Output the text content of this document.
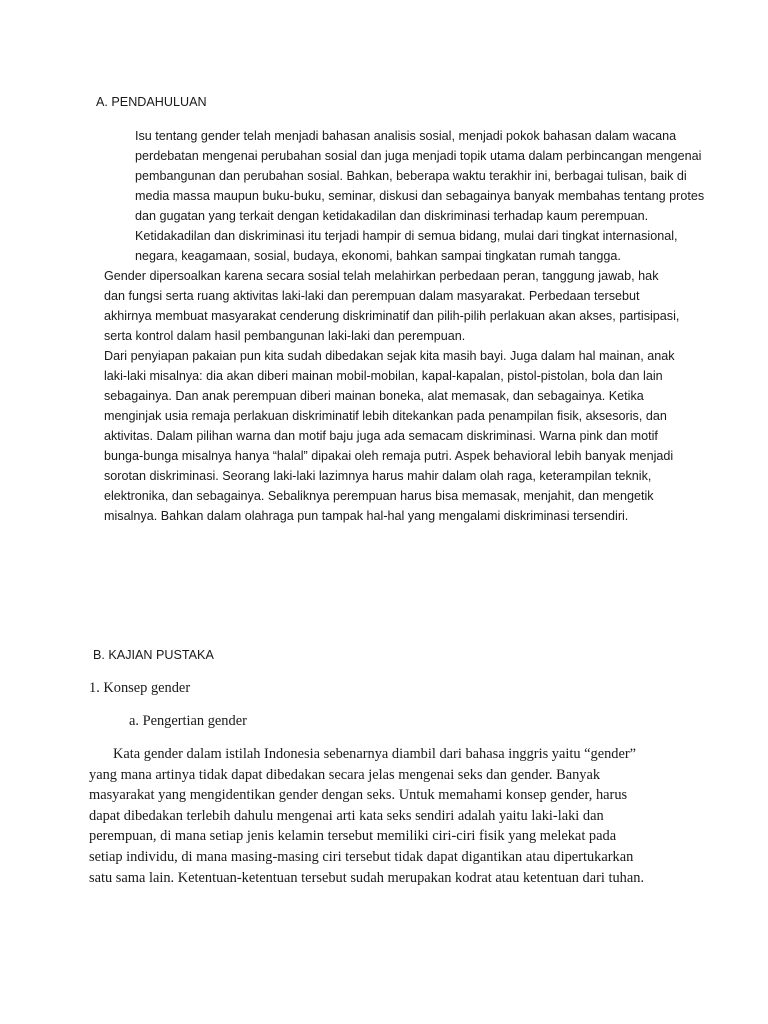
A. PENDAHULUAN

Isu tentang gender telah menjadi bahasan analisis sosial, menjadi pokok bahasan dalam wacana
perdebatan mengenai perubahan sosial dan juga menjadi topik utama dalam perbincangan mengenai
pembangunan dan perubahan sosial. Bahkan, beberapa waktu terakhir ini, berbagai tulisan, baik di
media massa maupun buku-buku, seminar, diskusi dan sebagainya banyak membahas tentang protes
dan gugatan yang terkait dengan ketidakadilan dan diskriminasi terhadap kaum perempuan.
Ketidakadilan dan diskriminasi itu terjadi hampir di semua bidang, mulai dari tingkat internasional,
negara, keagamaan, sosial, budaya, ekonomi, bahkan sampai tingkatan rumah tangga.

Gender dipersoalkan karena secara sosial telah melahirkan perbedaan peran, tanggung jawab, hak
dan fungsi serta ruang aktivitas laki-laki dan perempuan dalam masyarakat. Perbedaan tersebut
akhirnya membuat masyarakat cenderung diskriminatif dan pilih-pilih perlakuan akan akses, partisipasi,
serta kontrol dalam hasil pembangunan laki-laki dan perempuan.

Dari penyiapan pakaian pun kita sudah dibedakan sejak kita masih bayi. Juga dalam hal mainan, anak
laki-laki misalnya: dia akan diberi mainan mobil-mobilan, kapal-kapalan, pistol-pistolan, bola dan lain
sebagainya. Dan anak perempuan diberi mainan boneka, alat memasak, dan sebagainya. Ketika
menginjak usia remaja perlakuan diskriminatif lebih ditekankan pada penampilan fisik, aksesoris, dan
aktivitas. Dalam pilihan warna dan motif baju juga ada semacam diskriminasi. Warna pink dan motif
bunga-bunga misalnya hanya “halal” dipakai oleh remaja putri. Aspek behavioral lebih banyak menjadi
sorotan diskriminasi. Seorang laki-laki lazimnya harus mahir dalam olah raga, keterampilan teknik,
elektronika, dan sebagainya. Sebaliknya perempuan harus bisa memasak, menjahit, dan mengetik
misalnya. Bahkan dalam olahraga pun tampak hal-hal yang mengalami diskriminasi tersendiri.

B. KAJIAN PUSTAKA
1. Konsep gender
a. Pengertian gender

Kata gender dalam istilah Indonesia sebenarnya diambil dari bahasa inggris yaitu “gender”
yang mana artinya tidak dapat dibedakan secara jelas mengenai seks dan gender. Banyak
masyarakat yang mengidentikan gender dengan seks. Untuk memahami konsep gender, harus
dapat dibedakan terlebih dahulu mengenai arti kata seks sendiri adalah yaitu laki-laki dan
perempuan, di mana setiap jenis kelamin tersebut memiliki ciri-ciri fisik yang melekat pada
setiap individu, di mana masing-masing ciri tersebut tidak dapat digantikan atau dipertukarkan
satu sama lain. Ketentuan-ketentuan tersebut sudah merupakan kodrat atau ketentuan dari tuhan.
